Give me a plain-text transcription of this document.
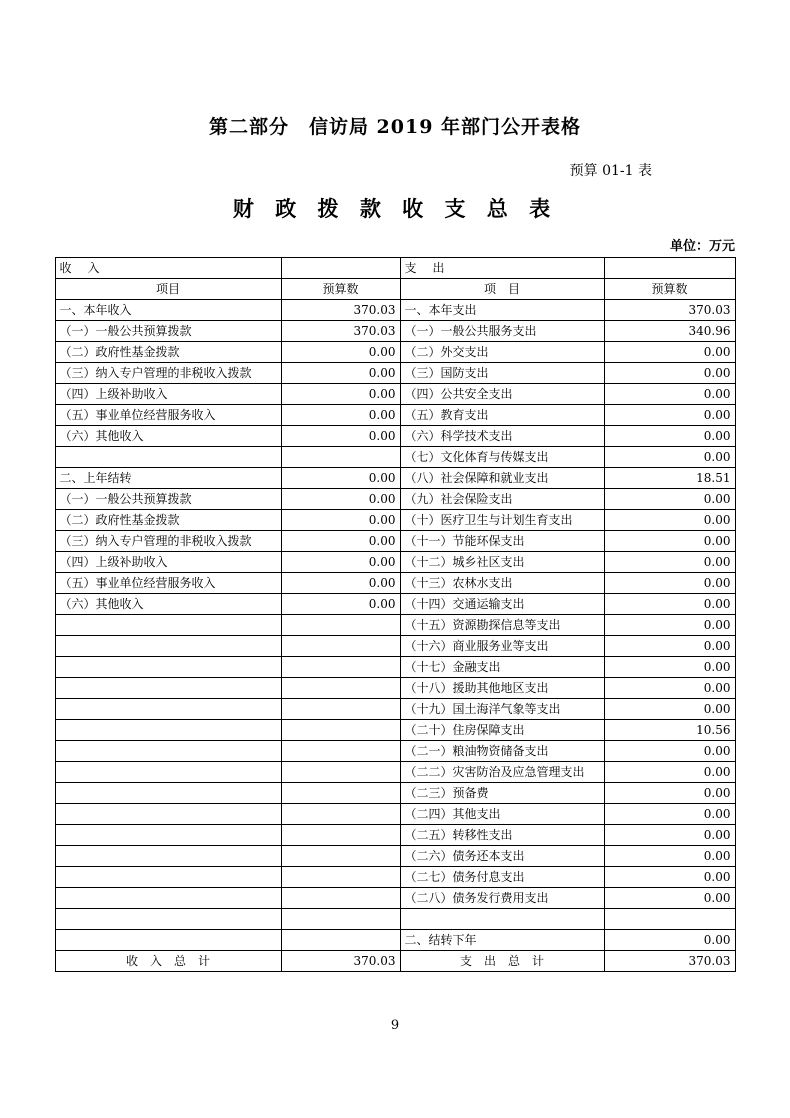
第二部分　信访局 2019 年部门公开表格
预算 01-1 表
财 政 拨 款 收 支 总 表
单位：万元
收　入		支　出	
项目	预算数	项　目	预算数
一、本年收入	370.03	一、本年支出	370.03
（一）一般公共预算拨款	370.03	（一）一般公共服务支出	340.96
（二）政府性基金拨款	0.00	（二）外交支出	0.00
（三）纳入专户管理的非税收入拨款	0.00	（三）国防支出	0.00
（四）上级补助收入	0.00	（四）公共安全支出	0.00
（五）事业单位经营服务收入	0.00	（五）教育支出	0.00
（六）其他收入	0.00	（六）科学技术支出	0.00
		（七）文化体育与传媒支出	0.00
二、上年结转	0.00	（八）社会保障和就业支出	18.51
（一）一般公共预算拨款	0.00	（九）社会保险支出	0.00
（二）政府性基金拨款	0.00	（十）医疗卫生与计划生育支出	0.00
（三）纳入专户管理的非税收入拨款	0.00	（十一）节能环保支出	0.00
（四）上级补助收入	0.00	（十二）城乡社区支出	0.00
（五）事业单位经营服务收入	0.00	（十三）农林水支出	0.00
（六）其他收入	0.00	（十四）交通运输支出	0.00
		（十五）资源勘探信息等支出	0.00
		（十六）商业服务业等支出	0.00
		（十七）金融支出	0.00
		（十八）援助其他地区支出	0.00
		（十九）国土海洋气象等支出	0.00
		（二十）住房保障支出	10.56
		（二一）粮油物资储备支出	0.00
		（二二）灾害防治及应急管理支出	0.00
		（二三）预备费	0.00
		（二四）其他支出	0.00
		（二五）转移性支出	0.00
		（二六）债务还本支出	0.00
		（二七）债务付息支出	0.00
		（二八）债务发行费用支出	0.00

		二、结转下年	0.00
收　入　总　计	370.03	支　出　总　计	370.03
9
